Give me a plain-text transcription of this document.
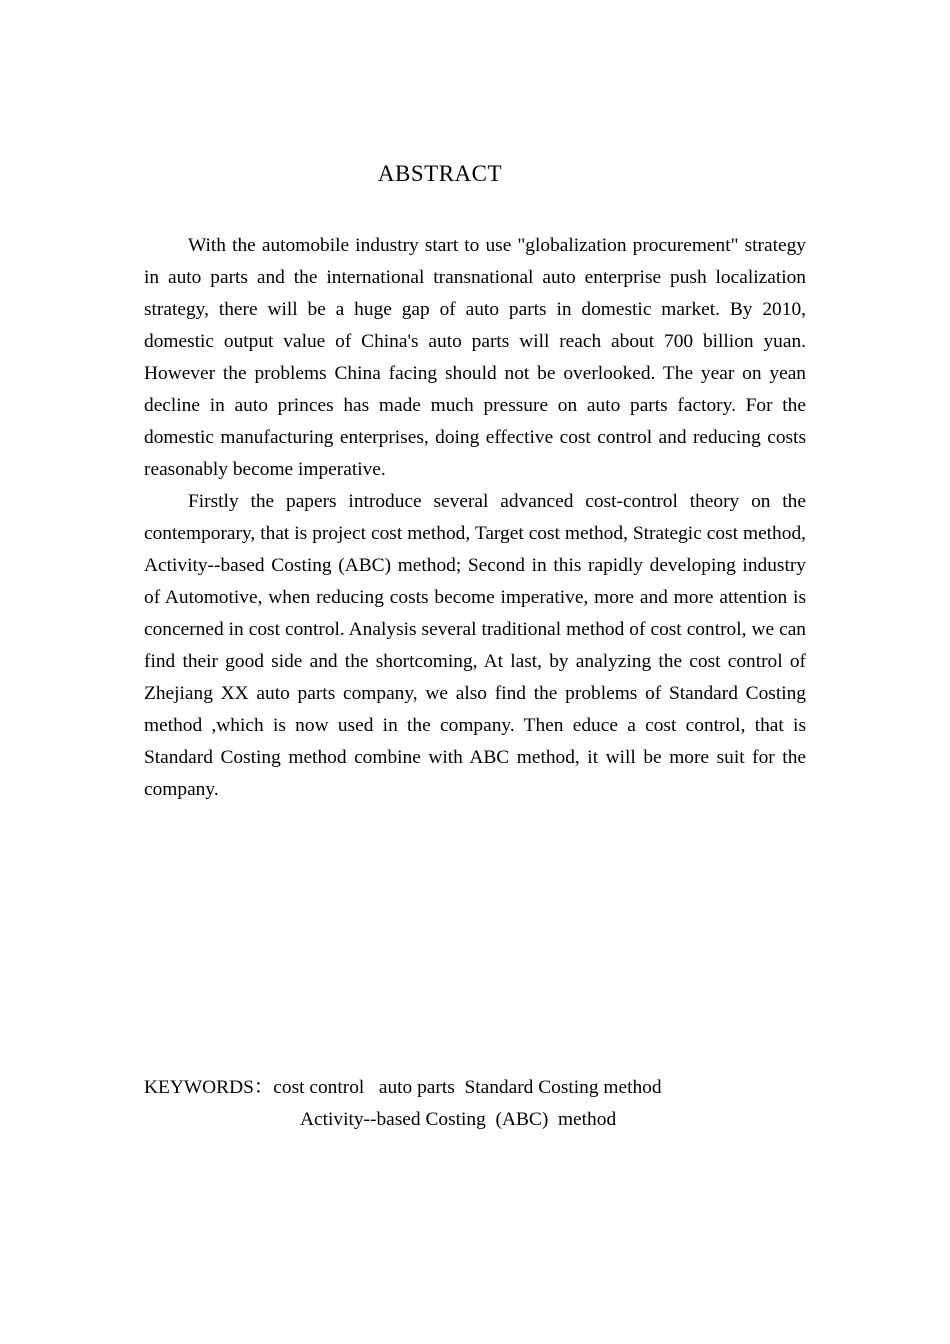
ABSTRACT

With the automobile industry start to use "globalization procurement" strategy in auto parts and the international transnational auto enterprise push localization strategy, there will be a huge gap of auto parts in domestic market. By 2010, domestic output value of China's auto parts will reach about 700 billion yuan. However the problems China facing should not be overlooked. The year on yean decline in auto princes has made much pressure on auto parts factory. For the domestic manufacturing enterprises, doing effective cost control and reducing costs reasonably become imperative.

Firstly the papers introduce several advanced cost-control theory on the contemporary, that is project cost method, Target cost method, Strategic cost method, Activity--based Costing (ABC) method; Second in this rapidly developing industry of Automotive, when reducing costs become imperative, more and more attention is concerned in cost control. Analysis several traditional method of cost control, we can find their good side and the shortcoming, At last, by analyzing the cost control of Zhejiang XX auto parts company, we also find the problems of Standard Costing method ,which is now used in the company. Then educe a cost control, that is Standard Costing method combine with ABC method, it will be more suit for the company.

KEYWORDS：cost control   auto parts  Standard Costing method
Activity--based Costing  (ABC)  method
